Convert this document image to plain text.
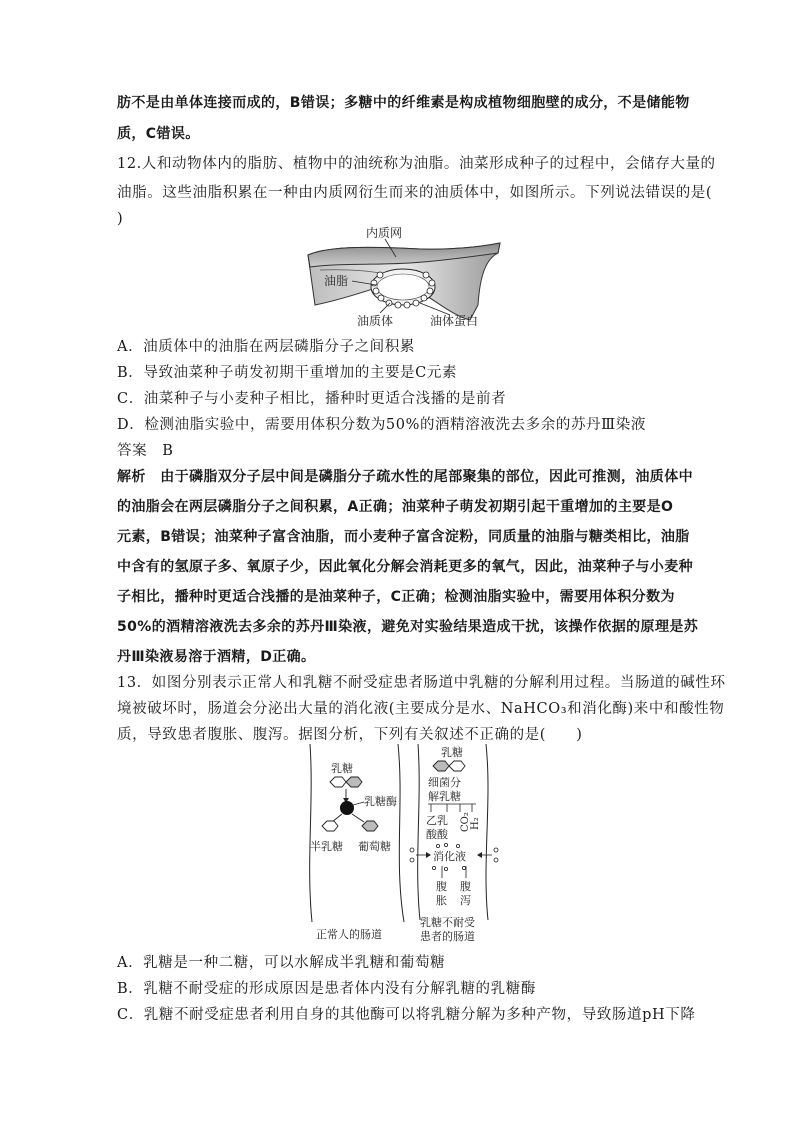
肪不是由单体连接而成的，B错误；多糖中的纤维素是构成植物细胞壁的成分，不是储能物
质，C错误。
12.人和动物体内的脂肪、植物中的油统称为油脂。油菜形成种子的过程中，会储存大量的
油脂。这些油脂积累在一种由内质网衍生而来的油质体中，如图所示。下列说法错误的是(
)
内质网
油脂
油质体	油体蛋白
A．油质体中的油脂在两层磷脂分子之间积累
B．导致油菜种子萌发初期干重增加的主要是C元素
C．油菜种子与小麦种子相比，播种时更适合浅播的是前者
D．检测油脂实验中，需要用体积分数为50%的酒精溶液洗去多余的苏丹Ⅲ染液
答案　B
解析　由于磷脂双分子层中间是磷脂分子疏水性的尾部聚集的部位，因此可推测，油质体中
的油脂会在两层磷脂分子之间积累，A正确；油菜种子萌发初期引起干重增加的主要是O
元素，B错误；油菜种子富含油脂，而小麦种子富含淀粉，同质量的油脂与糖类相比，油脂
中含有的氢原子多、氧原子少，因此氧化分解会消耗更多的氧气，因此，油菜种子与小麦种
子相比，播种时更适合浅播的是油菜种子，C正确；检测油脂实验中，需要用体积分数为
50%的酒精溶液洗去多余的苏丹Ⅲ染液，避免对实验结果造成干扰，该操作依据的原理是苏
丹Ⅲ染液易溶于酒精，D正确。
13．如图分别表示正常人和乳糖不耐受症患者肠道中乳糖的分解利用过程。当肠道的碱性环
境被破坏时，肠道会分泌出大量的消化液(主要成分是水、NaHCO₃和消化酶)来中和酸性物
质，导致患者腹胀、腹泻。据图分析，下列有关叙述不正确的是(　　)
乳糖
乳糖酶
半乳糖 葡萄糖
正常人的肠道
乳糖
细菌分
解乳糖
乙乳
酸酸
CO₂ H₂
消化液
腹
胀
腹
泻
乳糖不耐受
患者的肠道
A．乳糖是一种二糖，可以水解成半乳糖和葡萄糖
B．乳糖不耐受症的形成原因是患者体内没有分解乳糖的乳糖酶
C．乳糖不耐受症患者利用自身的其他酶可以将乳糖分解为多种产物，导致肠道pH下降
